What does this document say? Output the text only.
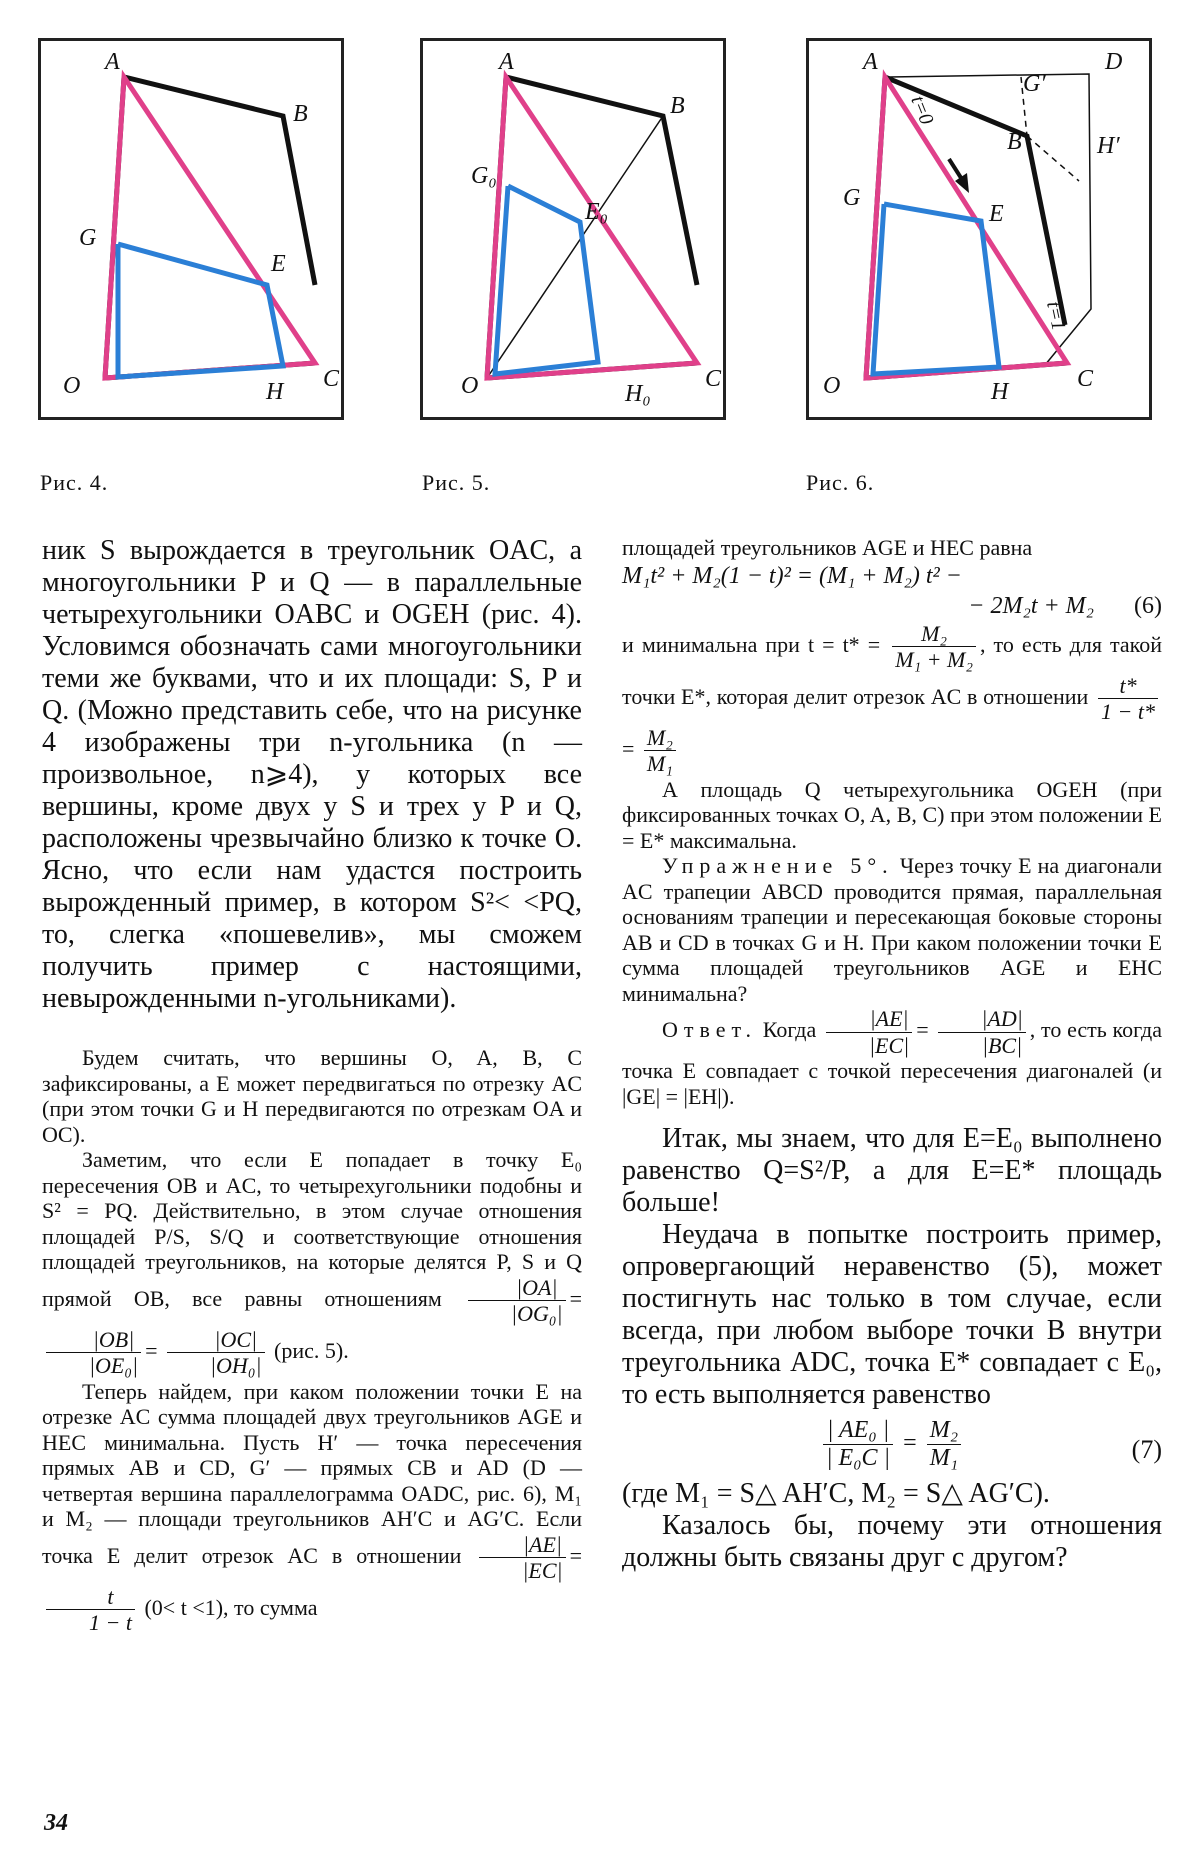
A
B
G
E
O	H C
A
B
G₀
E₀
O	H₀
C
A	D
G′
B	H′
G
E
O	H	C
t=0
t=1
Рис. 4.	Рис. 5.	Рис. 6.

ник S вырождается в треугольник OAC, а многоугольники P и Q — в параллельные четырехугольники OABC и OGEH (рис. 4). Условимся обозначать сами многоугольники теми же буквами, что и их площади: S, P и Q. (Можно представить себе, что на рисунке 4 изображены три n-угольника (n — произвольное, n⩾4), у которых все вершины, кроме двух у S и трех у P и Q, расположены чрезвычайно близко к точке O. Ясно, что если нам удастся построить вырожденный пример, в котором S²< <PQ, то, слегка «пошевелив», мы сможем получить пример с настоящими, невырожденными n-угольниками).

Будем считать, что вершины O, A, B, C зафиксированы, а E может передвигаться по отрезку AC (при этом точки G и H передвигаются по отрезкам OA и OC).

Заметим, что если E попадает в точку E₀ пересечения OB и AC, то четырехугольники подобны и S² = PQ. Действительно, в этом случае отношения площадей P/S, S/Q и соответствующие отношения площадей треугольников, на которые делятся P, S и Q прямой OB, все равны отношениям $\frac{|OA|}{\text{|OG₀|}}$ =
$\frac{|OB|}{\text{|OE₀|}} = \frac{|OC|}{\text{|OH₀|}} (рис$. 5).

Теперь найдем, при каком положении точки E на отрезке AC сумма площадей двух треугольников AGE и HEC минимальна. Пусть H′ — точка пересечения прямых AB и CD, G′ — прямых CB и AD (D — четвертая вершина параллелограмма OADC, рис. 6), M₁ и M₂ — площади треугольников AH′C и AG′C. Если точка E делит отрезок AC в отношении $\frac{|AE|}{|EC|}$ =
$\frac{t}{1 - t} (0< t <1)$, то сумма

площадей треугольников AGE и HEC равна

M₁t² + M₂(1 − t)² = (M₁ + M₂) t² −

− 2M₂t + M₂ (6)

и минимальна при $t = t* = \frac{\text{M₂}}{\text{M₁ + M₂}}$ , то есть для такой точки E*, которая делит отрезок AC в отношении $\frac{t*}{1 - t*}$
= $\frac{\text{M₂}}{\text{M₁}}$

А площадь Q четырехугольника OGEH (при фиксированных точках O, A, B, C) при этом положении E = E* максимальна.

Упражнение 5°. Через точку E на диагонали AC трапеции ABCD проводится прямая, параллельная основаниям трапеции и пересекающая боковые стороны AB и CD в точках G и H. При каком положении точки E сумма площадей треугольников AGE и EHC минимальна?

Ответ. Когда $\frac{|AE|}{|EC|} = \frac{|AD|}{|BC|}$ , то есть когда точка E совпадает с точкой пересечения диагоналей (и |GE| = |EH|).

Итак, мы знаем, что для E=E₀ выполнено равенство Q=S²/P, а для E=E* площадь больше!

Неудача в попытке построить пример, опровергающий неравенство (5), может постигнуть нас только в том случае, если всегда, при любом выборе точки B внутри треугольника ADC, точка E* совпадает с E₀, то есть выполняется равенство

$\frac{\text{| AE₀ |}}{\text{| E₀C |}} = \frac{\text{M₂}}{\text{M₁}}$	(7)

(где M₁ = S△ AH′C, M₂ = S△ AG′C).

Казалось бы, почему эти отношения должны быть связаны друг с другом?

34
